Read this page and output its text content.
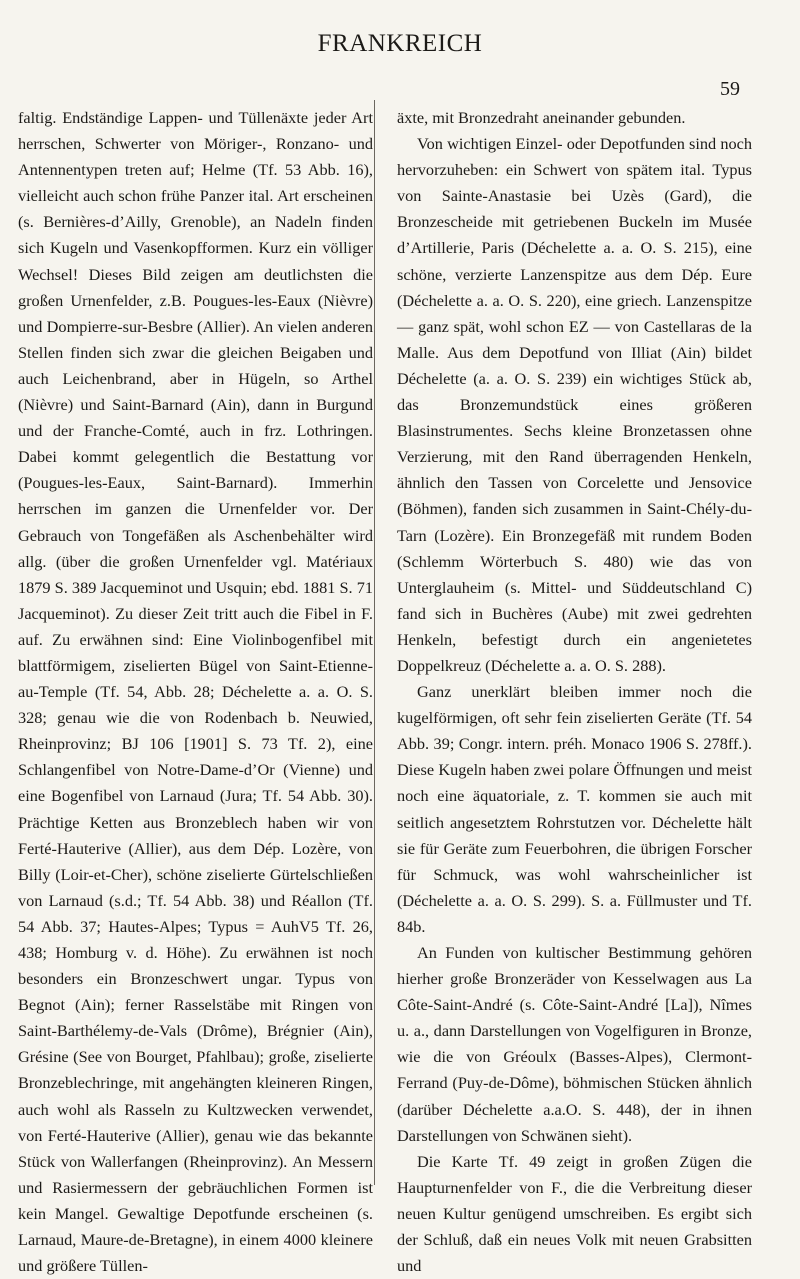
FRANKREICH
59

faltig. Endständige Lappen- und Tüllenäxte jeder Art herrschen, Schwerter von Möriger-, Ronzano- und Antennentypen treten auf; Helme (Tf. 53 Abb. 16), vielleicht auch schon frühe Panzer ital. Art erscheinen (s. Bernières-d’Ailly, Grenoble), an Nadeln finden sich Kugeln und Vasenkopfformen. Kurz ein völliger Wechsel! Dieses Bild zeigen am deutlichsten die großen Urnenfelder, z.B. Pougues-les-Eaux (Nièvre) und Dompierre-sur-Besbre (Allier). An vielen anderen Stellen finden sich zwar die gleichen Beigaben und auch Leichenbrand, aber in Hügeln, so Arthel (Nièvre) und Saint-Barnard (Ain), dann in Burgund und der Franche-Comté, auch in frz. Lothringen. Dabei kommt gelegentlich die Bestattung vor (Pougues-les-Eaux, Saint-Barnard). Immerhin herrschen im ganzen die Urnenfelder vor. Der Gebrauch von Tongefäßen als Aschenbehälter wird allg. (über die großen Urnenfelder vgl. Matériaux 1879 S. 389 Jacqueminot und Usquin; ebd. 1881 S. 71 Jacqueminot). Zu dieser Zeit tritt auch die Fibel in F. auf. Zu erwähnen sind: Eine Violinbogenfibel mit blattförmigem, ziselierten Bügel von Saint-Etienne-au-Temple (Tf. 54, Abb. 28; Déchelette a. a. O. S. 328; genau wie die von Rodenbach b. Neuwied, Rheinprovinz; BJ 106 [1901] S. 73 Tf. 2), eine Schlangenfibel von Notre-Dame-d’Or (Vienne) und eine Bogenfibel von Larnaud (Jura; Tf. 54 Abb. 30). Prächtige Ketten aus Bronzeblech haben wir von Ferté-Hauterive (Allier), aus dem Dép. Lozère, von Billy (Loir-et-Cher), schöne ziselierte Gürtelschließen von Larnaud (s.d.; Tf. 54 Abb. 38) und Réallon (Tf. 54 Abb. 37; Hautes-Alpes; Typus = AuhV5 Tf. 26, 438; Homburg v. d. Höhe). Zu erwähnen ist noch besonders ein Bronzeschwert ungar. Typus von Begnot (Ain); ferner Rasselstäbe mit Ringen von Saint-Barthélemy-de-Vals (Drôme), Brégnier (Ain), Grésine (See von Bourget, Pfahlbau); große, ziselierte Bronzeblechringe, mit angehängten kleineren Ringen, auch wohl als Rasseln zu Kultzwecken verwendet, von Ferté-Hauterive (Allier), genau wie das bekannte Stück von Wallerfangen (Rheinprovinz). An Messern und Rasiermessern der gebräuchlichen Formen ist kein Mangel. Gewaltige Depotfunde erscheinen (s. Larnaud, Maure-de-Bretagne), in einem 4000 kleinere und größere Tüllen-

äxte, mit Bronzedraht aneinander gebunden.

Von wichtigen Einzel- oder Depotfunden sind noch hervorzuheben: ein Schwert von spätem ital. Typus von Sainte-Anastasie bei Uzès (Gard), die Bronzescheide mit getriebenen Buckeln im Musée d’Artillerie, Paris (Déchelette a. a. O. S. 215), eine schöne, verzierte Lanzenspitze aus dem Dép. Eure (Déchelette a. a. O. S. 220), eine griech. Lanzenspitze — ganz spät, wohl schon EZ — von Castellaras de la Malle. Aus dem Depotfund von Illiat (Ain) bildet Déchelette (a. a. O. S. 239) ein wichtiges Stück ab, das Bronzemundstück eines größeren Blasinstrumentes. Sechs kleine Bronzetassen ohne Verzierung, mit den Rand überragenden Henkeln, ähnlich den Tassen von Corcelette und Jensovice (Böhmen), fanden sich zusammen in Saint-Chély-du-Tarn (Lozère). Ein Bronzegefäß mit rundem Boden (Schlemm Wörterbuch S. 480) wie das von Unterglauheim (s. Mittel- und Süddeutschland C) fand sich in Buchères (Aube) mit zwei gedrehten Henkeln, befestigt durch ein angenietetes Doppelkreuz (Déchelette a. a. O. S. 288).

Ganz unerklärt bleiben immer noch die kugelförmigen, oft sehr fein ziselierten Geräte (Tf. 54 Abb. 39; Congr. intern. préh. Monaco 1906 S. 278ff.). Diese Kugeln haben zwei polare Öffnungen und meist noch eine äquatoriale, z. T. kommen sie auch mit seitlich angesetztem Rohrstutzen vor. Déchelette hält sie für Geräte zum Feuerbohren, die übrigen Forscher für Schmuck, was wohl wahrscheinlicher ist (Déchelette a. a. O. S. 299). S. a. Füllmuster und Tf. 84b.

An Funden von kultischer Bestimmung gehören hierher große Bronzeräder von Kesselwagen aus La Côte-Saint-André (s. Côte-Saint-André [La]), Nîmes u. a., dann Darstellungen von Vogelfiguren in Bronze, wie die von Gréoulx (Basses-Alpes), Clermont-Ferrand (Puy-de-Dôme), böhmischen Stücken ähnlich (darüber Déchelette a.a.O. S. 448), der in ihnen Darstellungen von Schwänen sieht).

Die Karte Tf. 49 zeigt in großen Zügen die Haupturnenfelder von F., die die Verbreitung dieser neuen Kultur genügend umschreiben. Es ergibt sich der Schluß, daß ein neues Volk mit neuen Grabsitten und
